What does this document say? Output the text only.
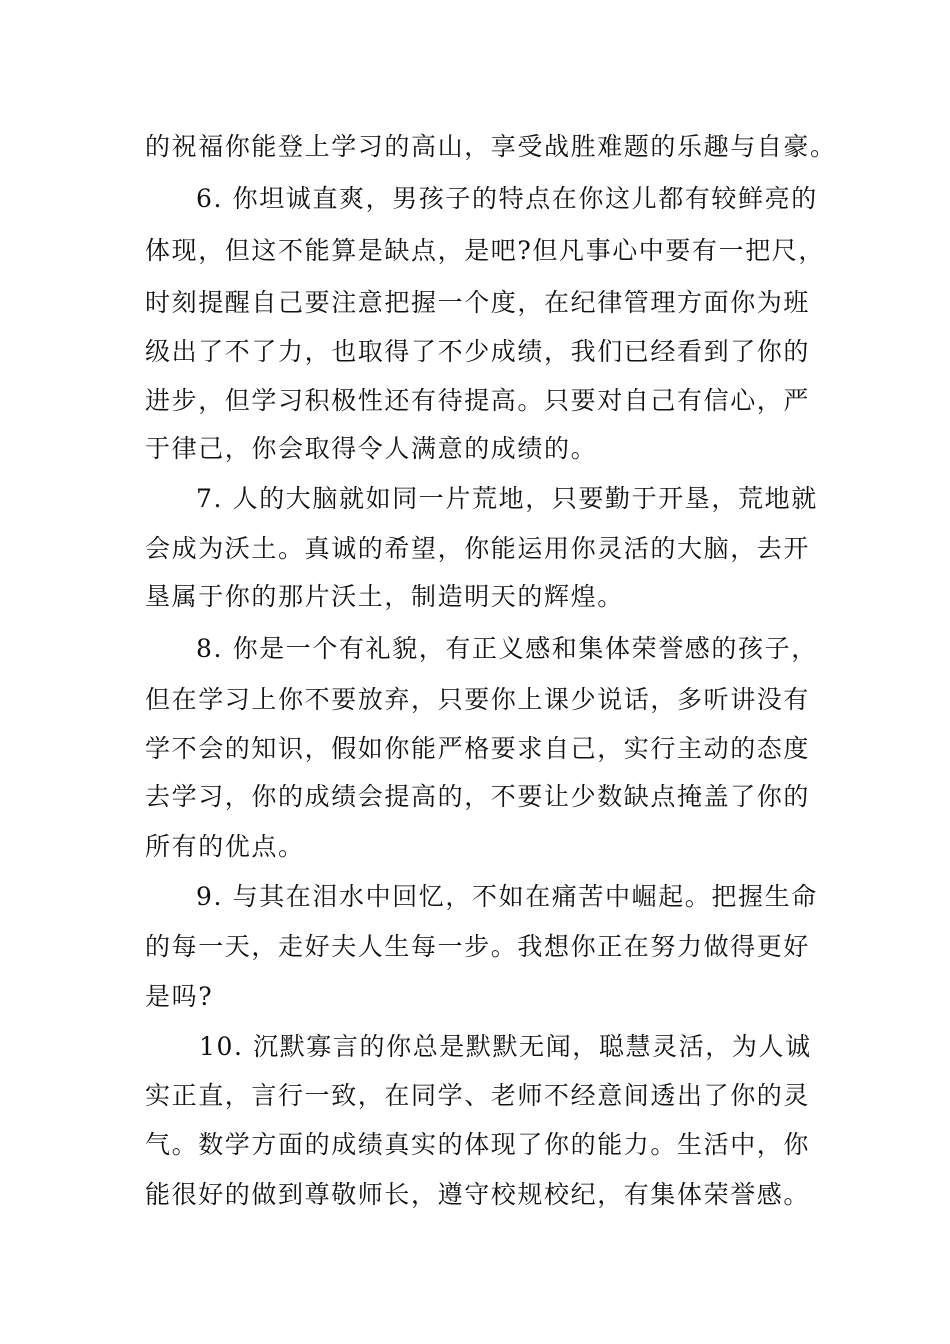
的祝福你能登上学习的高山，享受战胜难题的乐趣与自豪。
6. 你坦诚直爽，男孩子的特点在你这儿都有较鲜亮的
体现，但这不能算是缺点，是吧?但凡事心中要有一把尺，
时刻提醒自己要注意把握一个度，在纪律管理方面你为班
级出了不了力，也取得了不少成绩，我们已经看到了你的
进步，但学习积极性还有待提高。只要对自己有信心，严
于律己，你会取得令人满意的成绩的。
7. 人的大脑就如同一片荒地，只要勤于开垦，荒地就
会成为沃土。真诚的希望，你能运用你灵活的大脑，去开
垦属于你的那片沃土，制造明天的辉煌。
8. 你是一个有礼貌，有正义感和集体荣誉感的孩子，
但在学习上你不要放弃，只要你上课少说话，多听讲没有
学不会的知识，假如你能严格要求自己，实行主动的态度
去学习，你的成绩会提高的，不要让少数缺点掩盖了你的
所有的优点。
9. 与其在泪水中回忆，不如在痛苦中崛起。把握生命
的每一天，走好夫人生每一步。我想你正在努力做得更好
是吗?
10. 沉默寡言的你总是默默无闻，聪慧灵活，为人诚
实正直，言行一致，在同学、老师不经意间透出了你的灵
气。数学方面的成绩真实的体现了你的能力。生活中，你
能很好的做到尊敬师长，遵守校规校纪，有集体荣誉感。
